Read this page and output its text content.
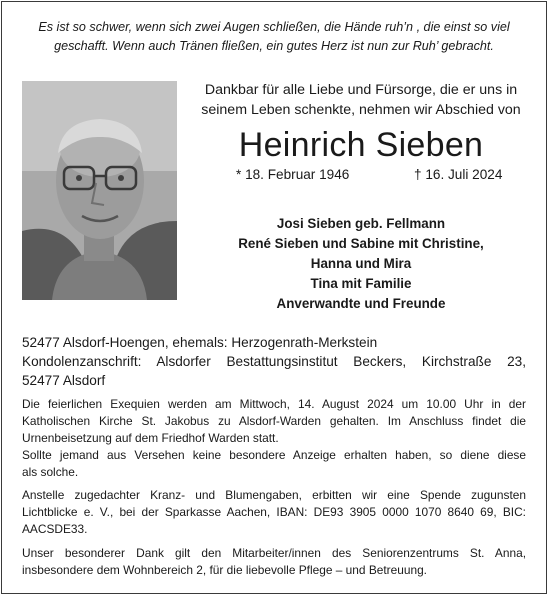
Es ist so schwer, wenn sich zwei Augen schließen, die Hände ruh’n , die einst so viel
geschafft. Wenn auch Tränen fließen, ein gutes Herz ist nun zur Ruh’ gebracht.
Dankbar für alle Liebe und Fürsorge, die er uns in
seinem Leben schenkte, nehmen wir Abschied von
Heinrich Sieben
* 18. Februar 1946	† 16. Juli 2024
Josi Sieben geb. Fellmann
René Sieben und Sabine mit Christine,
Hanna und Mira
Tina mit Familie
Anverwandte und Freunde
52477 Alsdorf-Hoengen, ehemals: Herzogenrath-Merkstein
Kondolenzanschrift: Alsdorfer Bestattungsinstitut Beckers, Kirchstraße 23,
52477 Alsdorf
Die feierlichen Exequien werden am Mittwoch, 14. August 2024 um 10.00 Uhr in der
Katholischen Kirche St. Jakobus zu Alsdorf-Warden gehalten. Im Anschluss findet die
Urnenbeisetzung auf dem Friedhof Warden statt.
Sollte jemand aus Versehen keine besondere Anzeige erhalten haben, so diene diese
als solche.
Anstelle zugedachter Kranz- und Blumengaben, erbitten wir eine Spende zugunsten
Lichtblicke e. V., bei der Sparkasse Aachen, IBAN: DE93 3905 0000 1070 8640 69, BIC:
AACSDE33.
Unser besonderer Dank gilt den Mitarbeiter/innen des Seniorenzentrums St. Anna,
insbesondere dem Wohnbereich 2, für die liebevolle Pflege – und Betreuung.
